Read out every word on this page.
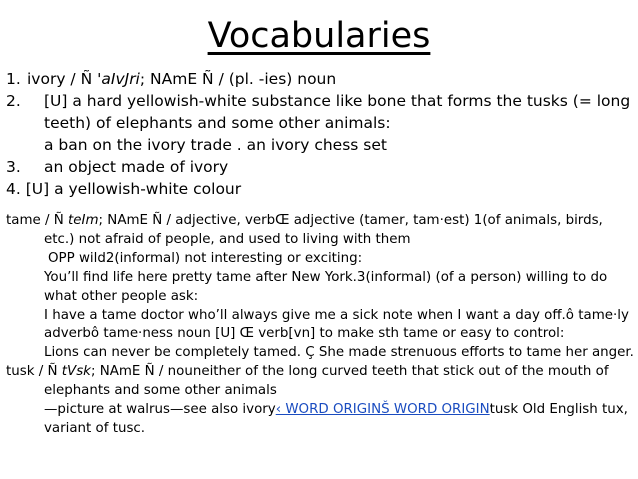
Vocabularies
1. ivory / Ñ 'aIvJri; NAmE Ñ / (pl. -ies) noun
2. [U] a hard yellowish-white substance like bone that forms the tusks (= long
teeth) of elephants and some other animals:
a ban on the ivory trade . an ivory chess set
3. an object made of ivory
4. [U] a yellowish-white colour
tame / Ñ teIm; NAmE Ñ / adjective, verbŒ adjective (tamer, tam·est) 1(of animals, birds,
etc.) not afraid of people, and used to living with them
OPP wild2(informal) not interesting or exciting:
You’ll find life here pretty tame after New York.3(informal) (of a person) willing to do
what other people ask:
I have a tame doctor who’ll always give me a sick note when I want a day off.ô tame·ly
adverbô tame·ness noun [U] Œ verb[vn] to make sth tame or easy to control:
Lions can never be completely tamed. Ç She made strenuous efforts to tame her anger.
tusk / Ñ tVsk; NAmE Ñ / nouneither of the long curved teeth that stick out of the mouth of
elephants and some other animals
—picture at walrus—see also ivory‹ WORD ORIGINŠ WORD ORIGINtusk Old English tux,
variant of tusc.
